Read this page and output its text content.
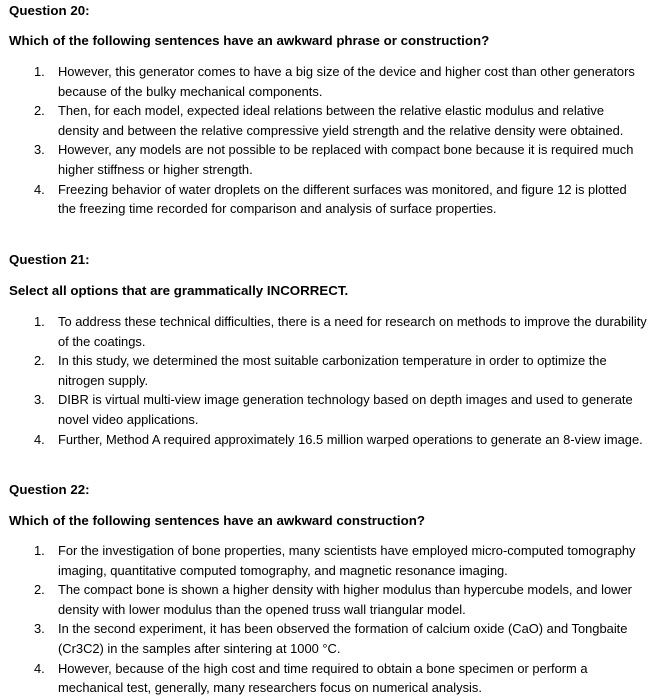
Question 20:
Which of the following sentences have an awkward phrase or construction?
1. However, this generator comes to have a big size of the device and higher cost than other generators because of the bulky mechanical components.
2. Then, for each model, expected ideal relations between the relative elastic modulus and relative density and between the relative compressive yield strength and the relative density were obtained.
3. However, any models are not possible to be replaced with compact bone because it is required much higher stiffness or higher strength.
4. Freezing behavior of water droplets on the different surfaces was monitored, and figure 12 is plotted the freezing time recorded for comparison and analysis of surface properties.
Question 21:
Select all options that are grammatically INCORRECT.
1. To address these technical difficulties, there is a need for research on methods to improve the durability of the coatings.
2. In this study, we determined the most suitable carbonization temperature in order to optimize the nitrogen supply.
3. DIBR is virtual multi-view image generation technology based on depth images and used to generate novel video applications.
4. Further, Method A required approximately 16.5 million warped operations to generate an 8-view image.
Question 22:
Which of the following sentences have an awkward construction?
1. For the investigation of bone properties, many scientists have employed micro-computed tomography imaging, quantitative computed tomography, and magnetic resonance imaging.
2. The compact bone is shown a higher density with higher modulus than hypercube models, and lower density with lower modulus than the opened truss wall triangular model.
3. In the second experiment, it has been observed the formation of calcium oxide (CaO) and Tongbaite (Cr3C2) in the samples after sintering at 1000 °C.
4. However, because of the high cost and time required to obtain a bone specimen or perform a mechanical test, generally, many researchers focus on numerical analysis.
